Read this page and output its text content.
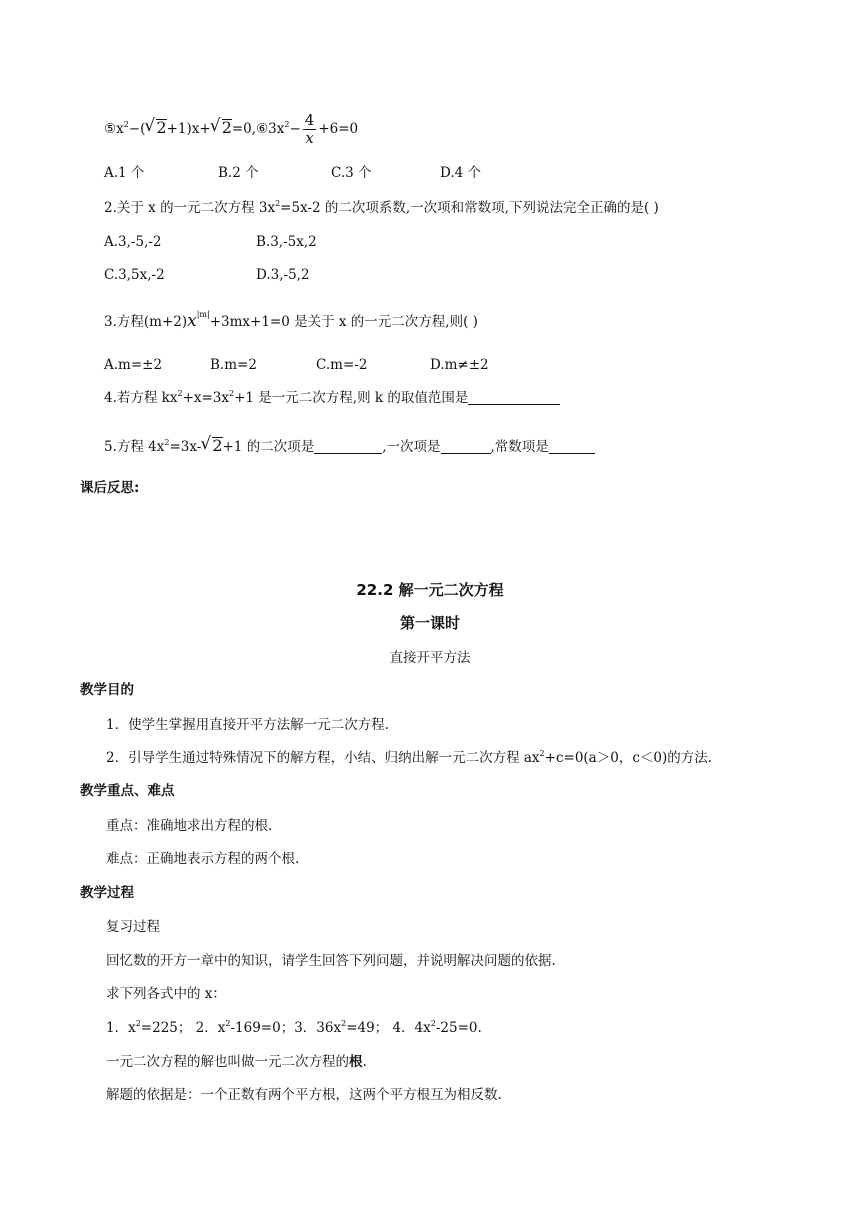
$⑤x^2-(√$ 2+1)x+√ $2=0,⑥3x^2- \frac{4}{x} +6=0$
A.1 个	B.2 个	C.3 个	D.4 个
2.关于 x 的一元二次方程 $3x^2=5x-2$ 的二次项系数,一次项和常数项,下列说法完全正确的是( )
A.3,-5,-2	B.3,-5x,2
C.3,5x,-2	D.3,-5,2
3.方程$(m+2)x^{|m|}+3mx+1=0$ 是关于 x 的一元二次方程,则( )
A.m=±2	B.m=2	C.m=-2	D.m≠±2
4.若方程 $kx^2+x=3x^2+1$ 是一元二次方程,则 k 的取值范围是
5.方程 $4x^2=3x-√$ 2+1 的二次项是	,一次项是	,常数项是
课后反思:
22.2 解一元二次方程
第一课时
直接开平方法
教学目的
1．使学生掌握用直接开平方法解一元二次方程.
2．引导学生通过特殊情况下的解方程，小结、归纳出解一元二次方程 $ax^2+c=0(a>0$，c＜0)的方法.
教学重点、难点
重点：准确地求出方程的根.
难点：正确地表示方程的两个根.
教学过程
复习过程
回忆数的开方一章中的知识，请学生回答下列问题，并说明解决问题的依据.
求下列各式中的 x：
1．$x^2=225$； 2．$x^2-169=0$；3．$36x^2=49$； 4．$4x^2-25=0$.
一元二次方程的解也叫做一元二次方程的根.
解题的依据是：一个正数有两个平方根，这两个平方根互为相反数.
